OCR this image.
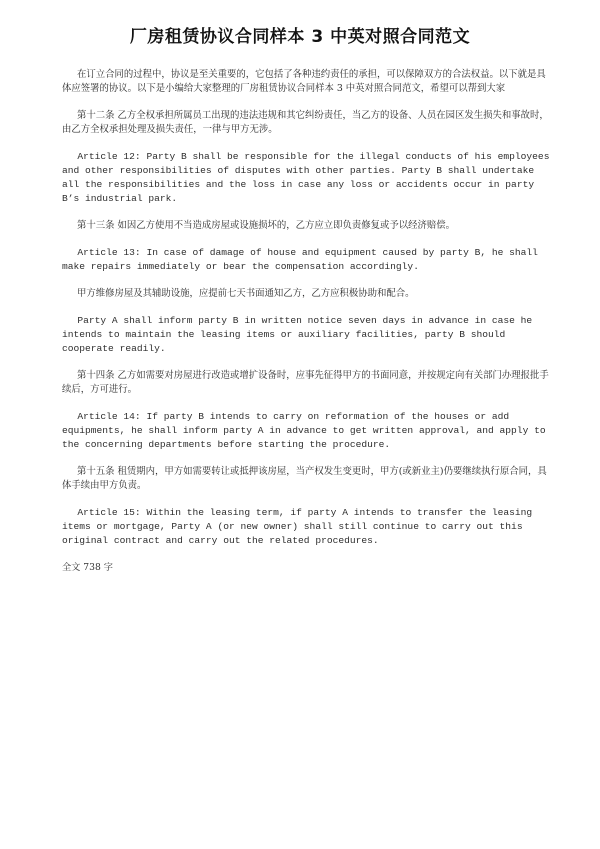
厂房租赁协议合同样本 3 中英对照合同范文

在订立合同的过程中，协议是至关重要的，它包括了各种违约责任的承担，可以保障双方的合法权益。以下就是具体应签署的协议。以下是小编给大家整理的厂房租赁协议合同样本 3 中英对照合同范文，希望可以帮到大家

第十二条 乙方全权承担所属员工出现的违法违规和其它纠纷责任，当乙方的设备、人员在园区发生损失和事故时，由乙方全权承担处理及损失责任，一律与甲方无涉。

Article 12: Party B shall be responsible for the illegal conducts of his employees and other responsibilities of disputes with other parties. Party B shall undertake all the responsibilities and the loss in case any loss or accidents occur in party B’s industrial park.

第十三条 如因乙方使用不当造成房屋或设施损坏的，乙方应立即负责修复或予以经济赔偿。

Article 13: In case of damage of house and equipment caused by party B, he shall make repairs immediately or bear the compensation accordingly.

甲方维修房屋及其辅助设施，应提前七天书面通知乙方，乙方应积极协助和配合。

Party A shall inform party B in written notice seven days in advance in case he intends to maintain the leasing items or auxiliary facilities, party B should cooperate readily.

第十四条 乙方如需要对房屋进行改造或增扩设备时，应事先征得甲方的书面同意，并按规定向有关部门办理报批手续后，方可进行。

Article 14: If party B intends to carry on reformation of the houses or add equipments, he shall inform party A in advance to get written approval, and apply to the concerning departments before starting the procedure.

第十五条 租赁期内，甲方如需要转让或抵押该房屋，当产权发生变更时，甲方(或新业主)仍要继续执行原合同，具体手续由甲方负责。

Article 15: Within the leasing term, if party A intends to transfer the leasing items or mortgage, Party A (or new owner) shall still continue to carry out this original contract and carry out the related procedures.

全文 738 字
